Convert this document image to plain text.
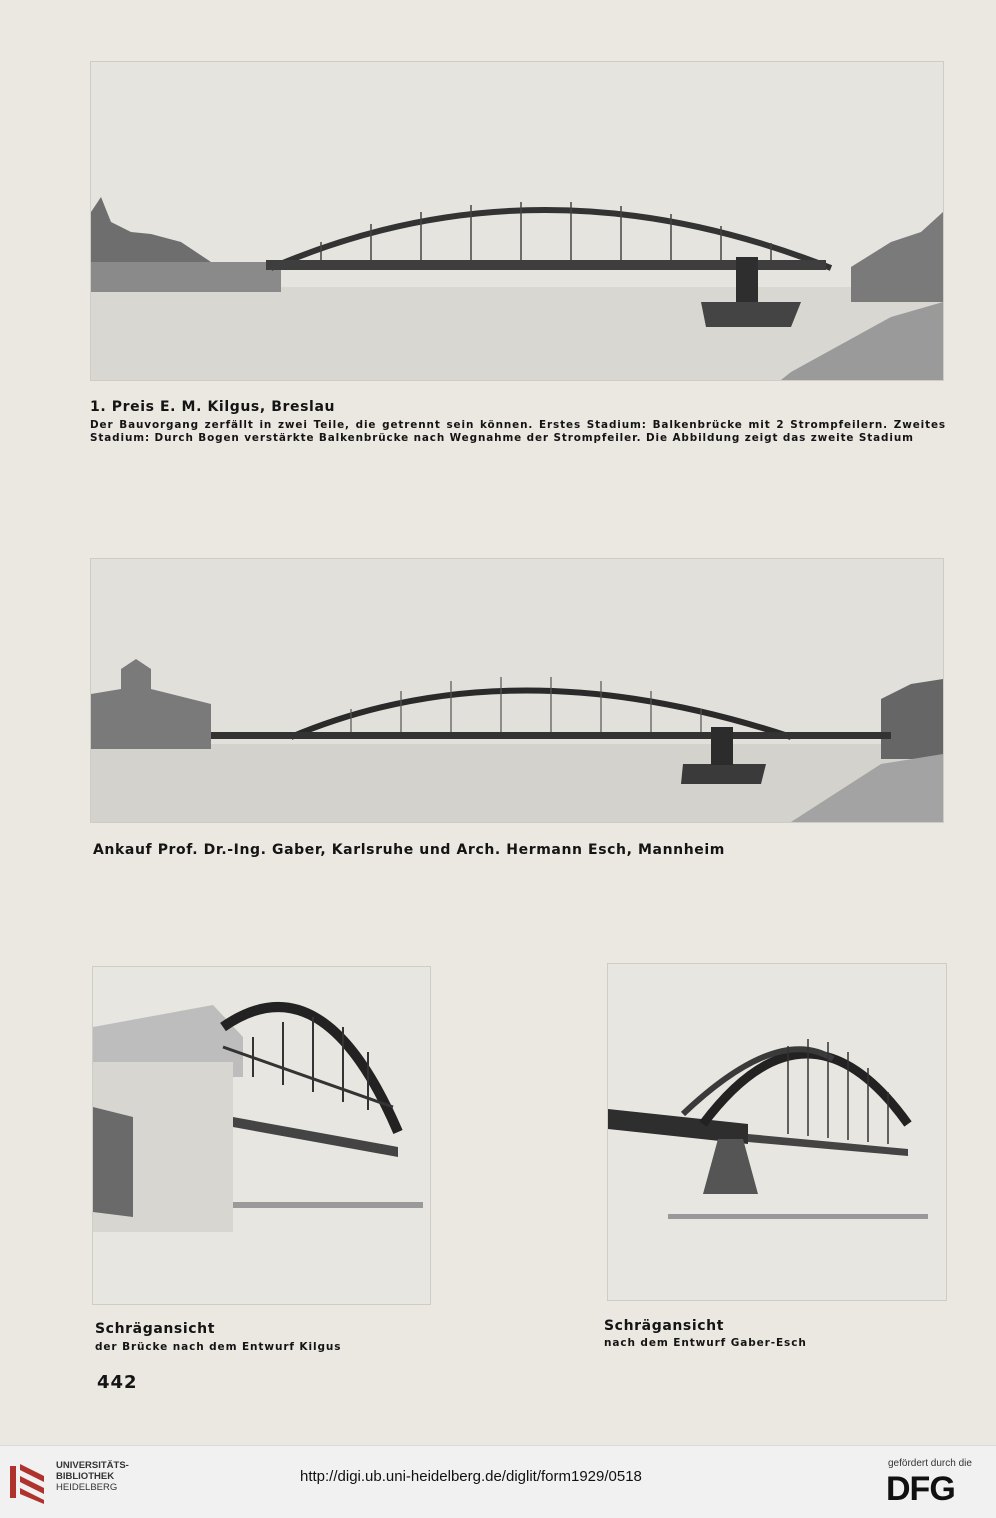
1. Preis E. M. Kilgus, Breslau
Der Bauvorgang zerfällt in zwei Teile, die getrennt sein können. Erstes Stadium: Balkenbrücke mit 2 Strompfeilern. Zweites Stadium: Durch Bogen verstärkte Balkenbrücke nach Wegnahme der Strompfeiler. Die Abbildung zeigt das zweite Stadium
Ankauf Prof. Dr.-Ing. Gaber, Karlsruhe und Arch. Hermann Esch, Mannheim
Schrägansicht
der Brücke nach dem Entwurf Kilgus
Schrägansicht
nach dem Entwurf Gaber-Esch
442
UNIVERSITÄTS-
BIBLIOTHEK
HEIDELBERG
http://digi.ub.uni-heidelberg.de/diglit/form1929/0518
gefördert durch die
DFG
